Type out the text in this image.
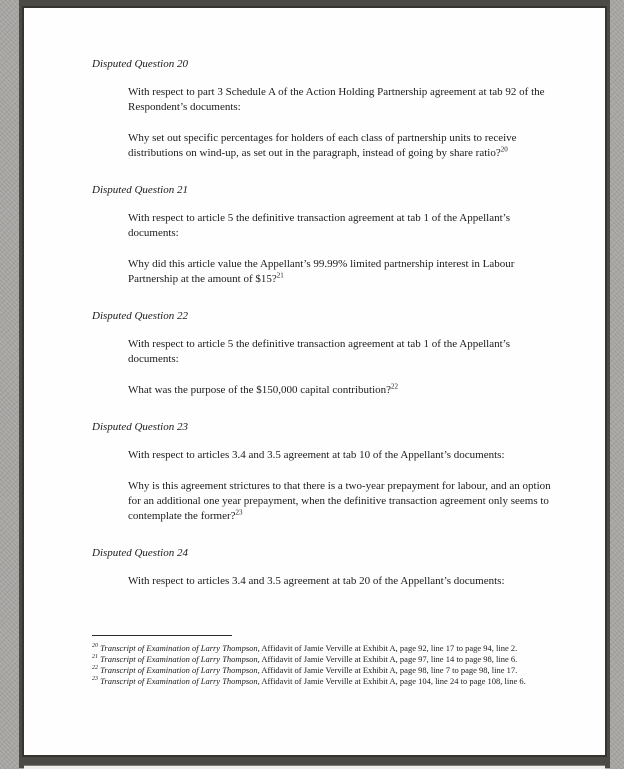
Disputed Question 20
With respect to part 3 Schedule A of the Action Holding Partnership agreement at tab 92 of the Respondent’s documents:
Why set out specific percentages for holders of each class of partnership units to receive distributions on wind-up, as set out in the paragraph, instead of going by share ratio?$^{20}$
Disputed Question 21
With respect to article 5 the definitive transaction agreement at tab 1 of the Appellant’s documents:
Why did this article value the Appellant’s 99.99% limited partnership interest in Labour Partnership at the amount of $15?$^{21}$
Disputed Question 22
With respect to article 5 the definitive transaction agreement at tab 1 of the Appellant’s documents:
What was the purpose of the $150,000 capital contribution?$^{22}$
Disputed Question 23
With respect to articles 3.4 and 3.5 agreement at tab 10 of the Appellant’s documents:
Why is this agreement strictures to that there is a two-year prepayment for labour, and an option for an additional one year prepayment, when the definitive transaction agreement only seems to contemplate the former?$^{23}$
Disputed Question 24
With respect to articles 3.4 and 3.5 agreement at tab 20 of the Appellant’s documents:
$^{20}$ Transcript of Examination of Larry Thompson, Affidavit of Jamie Verville at Exhibit A, page 92, line 17 to page 94, line 2.
$^{21}$ Transcript of Examination of Larry Thompson, Affidavit of Jamie Verville at Exhibit A, page 97, line 14 to page 98, line 6.
$^{22}$ Transcript of Examination of Larry Thompson, Affidavit of Jamie Verville at Exhibit A, page 98, line 7 to page 98, line 17.
$^{23}$ Transcript of Examination of Larry Thompson, Affidavit of Jamie Verville at Exhibit A, page 104, line 24 to page 108, line 6.
